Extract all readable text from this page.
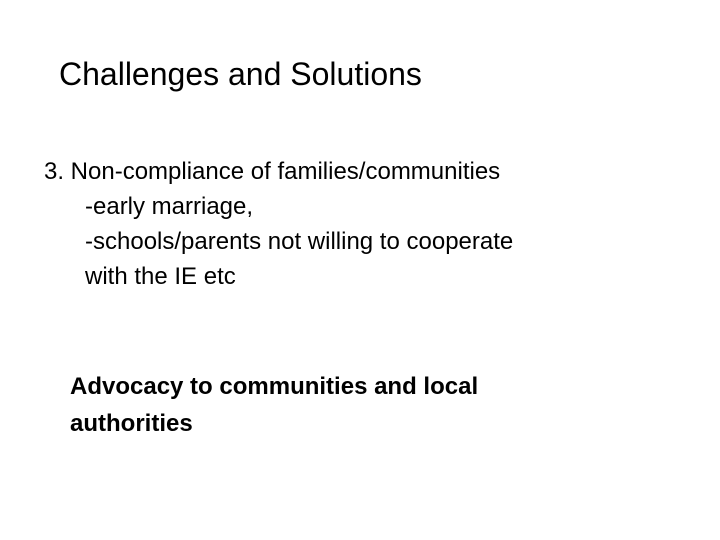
Challenges and Solutions
3. Non-compliance of families/communities
-early marriage,
-schools/parents not willing to cooperate
with the IE etc
Advocacy to communities and local
authorities
